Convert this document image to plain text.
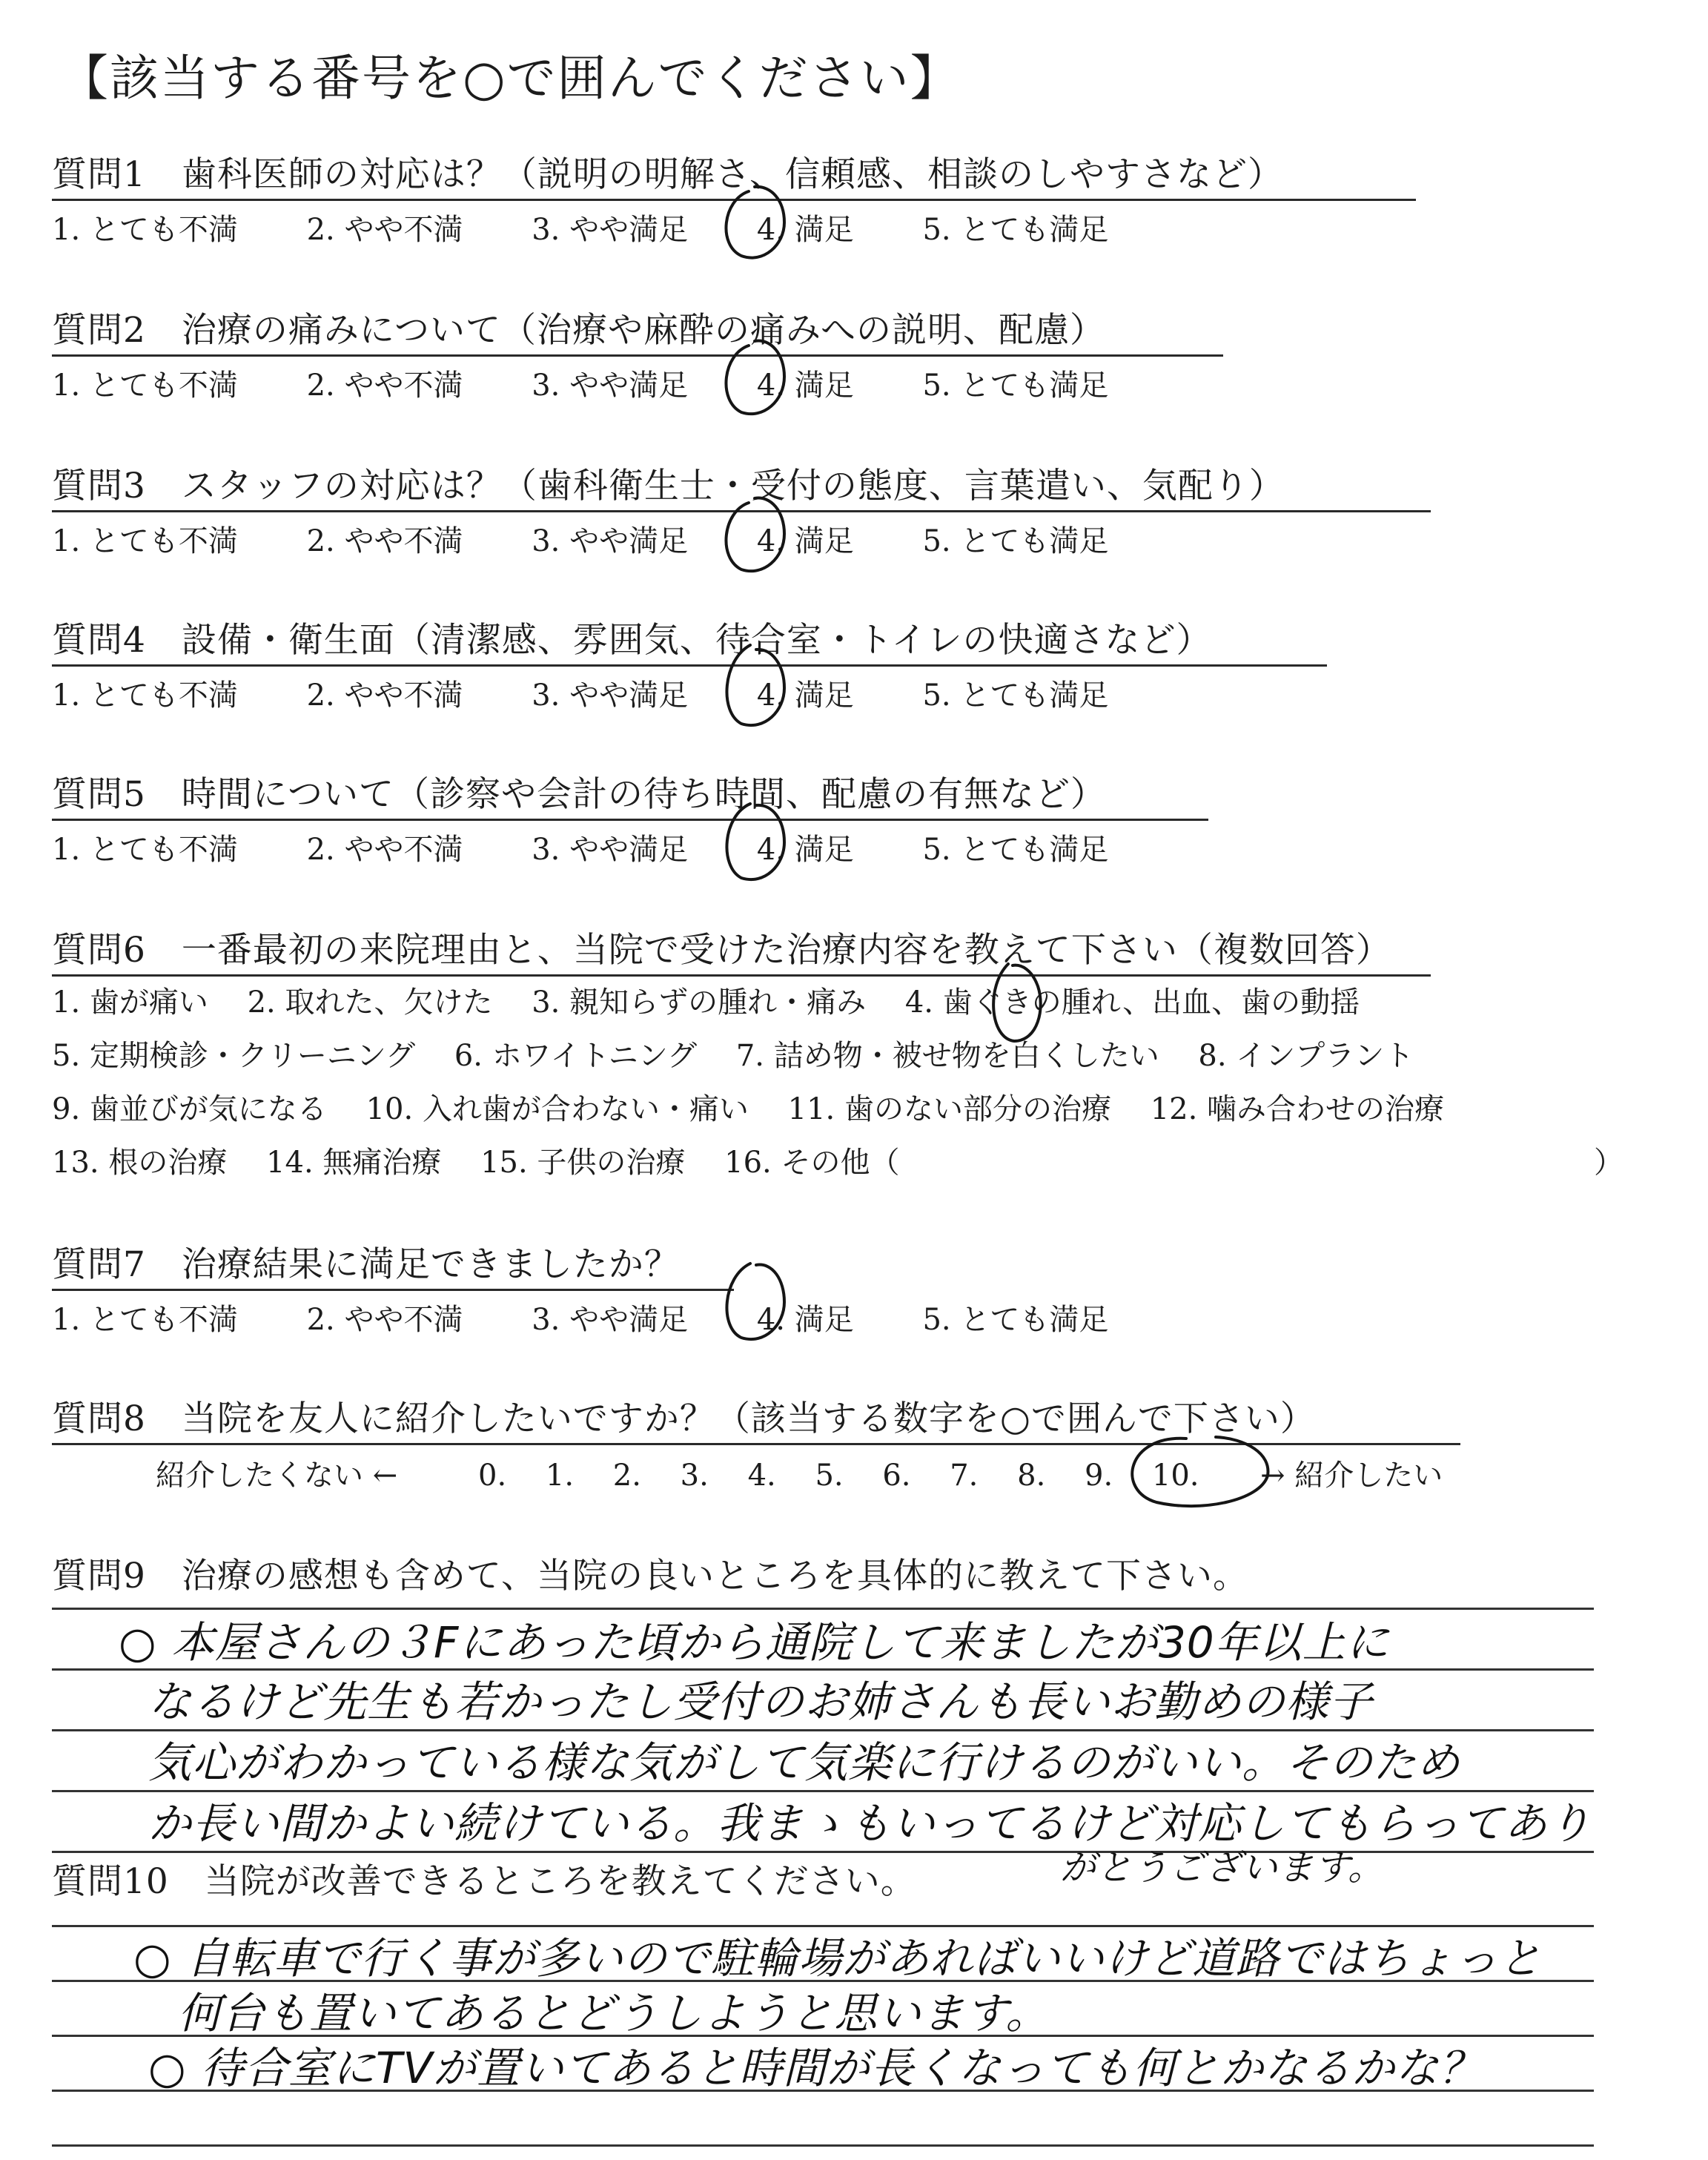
【該当する番号を○で囲んでください】
質問1　歯科医師の対応は？（説明の明解さ、信頼感、相談のしやすさなど）
1. とても不満　　 2. やや不満　　 3. やや満足　　 4. 満足　　 5. とても満足
質問2　治療の痛みについて（治療や麻酔の痛みへの説明、配慮）
1. とても不満　　 2. やや不満　　 3. やや満足　　 4. 満足　　 5. とても満足
質問3　スタッフの対応は？（歯科衛生士・受付の態度、言葉遣い、気配り）
1. とても不満　　 2. やや不満　　 3. やや満足　　 4. 満足　　 5. とても満足
質問4　設備・衛生面（清潔感、雰囲気、待合室・トイレの快適さなど）
1. とても不満　　 2. やや不満　　 3. やや満足　　 4. 満足　　 5. とても満足
質問5　時間について（診察や会計の待ち時間、配慮の有無など）
1. とても不満　　 2. やや不満　　 3. やや満足　　 4. 満足　　 5. とても満足
質問6　一番最初の来院理由と、当院で受けた治療内容を教えて下さい（複数回答）
1. 歯が痛い　 2. 取れた、欠けた　 3. 親知らずの腫れ・痛み　 4. 歯ぐきの腫れ、出血、歯の動揺
5. 定期検診・クリーニング　 6. ホワイトニング　 7. 詰め物・被せ物を白くしたい　 8. インプラント
9. 歯並びが気になる　 10. 入れ歯が合わない・痛い　 11. 歯のない部分の治療　 12. 噛み合わせの治療
13. 根の治療　 14. 無痛治療　 15. 子供の治療　 16. その他（	）
質問7　治療結果に満足できましたか？
1. とても不満　　 2. やや不満　　 3. やや満足　　 4. 満足　　 5. とても満足
質問8　当院を友人に紹介したいですか？（該当する数字を○で囲んで下さい）
紹介したくない ←	0.　 1.　 2.　 3.　 4.　 5.　 6.　 7.　 8.　 9.　 10. → 紹介したい
質問9　治療の感想も含めて、当院の良いところを具体的に教えて下さい。
○ 本屋さんの３Fにあった頃から通院して来ましたが30年以上に
なるけど先生も若かったし受付のお姉さんも長いお勤めの様子
気心がわかっている様な気がして気楽に行けるのがいい。そのため
か長い間かよい続けている。我まゝもいってるけど対応してもらってあり
がとうございます。
質問10　当院が改善できるところを教えてください。
○ 自転車で行く事が多いので駐輪場があればいいけど道路ではちょっと
何台も置いてあるとどうしようと思います。
○ 待合室にTVが置いてあると時間が長くなっても何とかなるかな？
